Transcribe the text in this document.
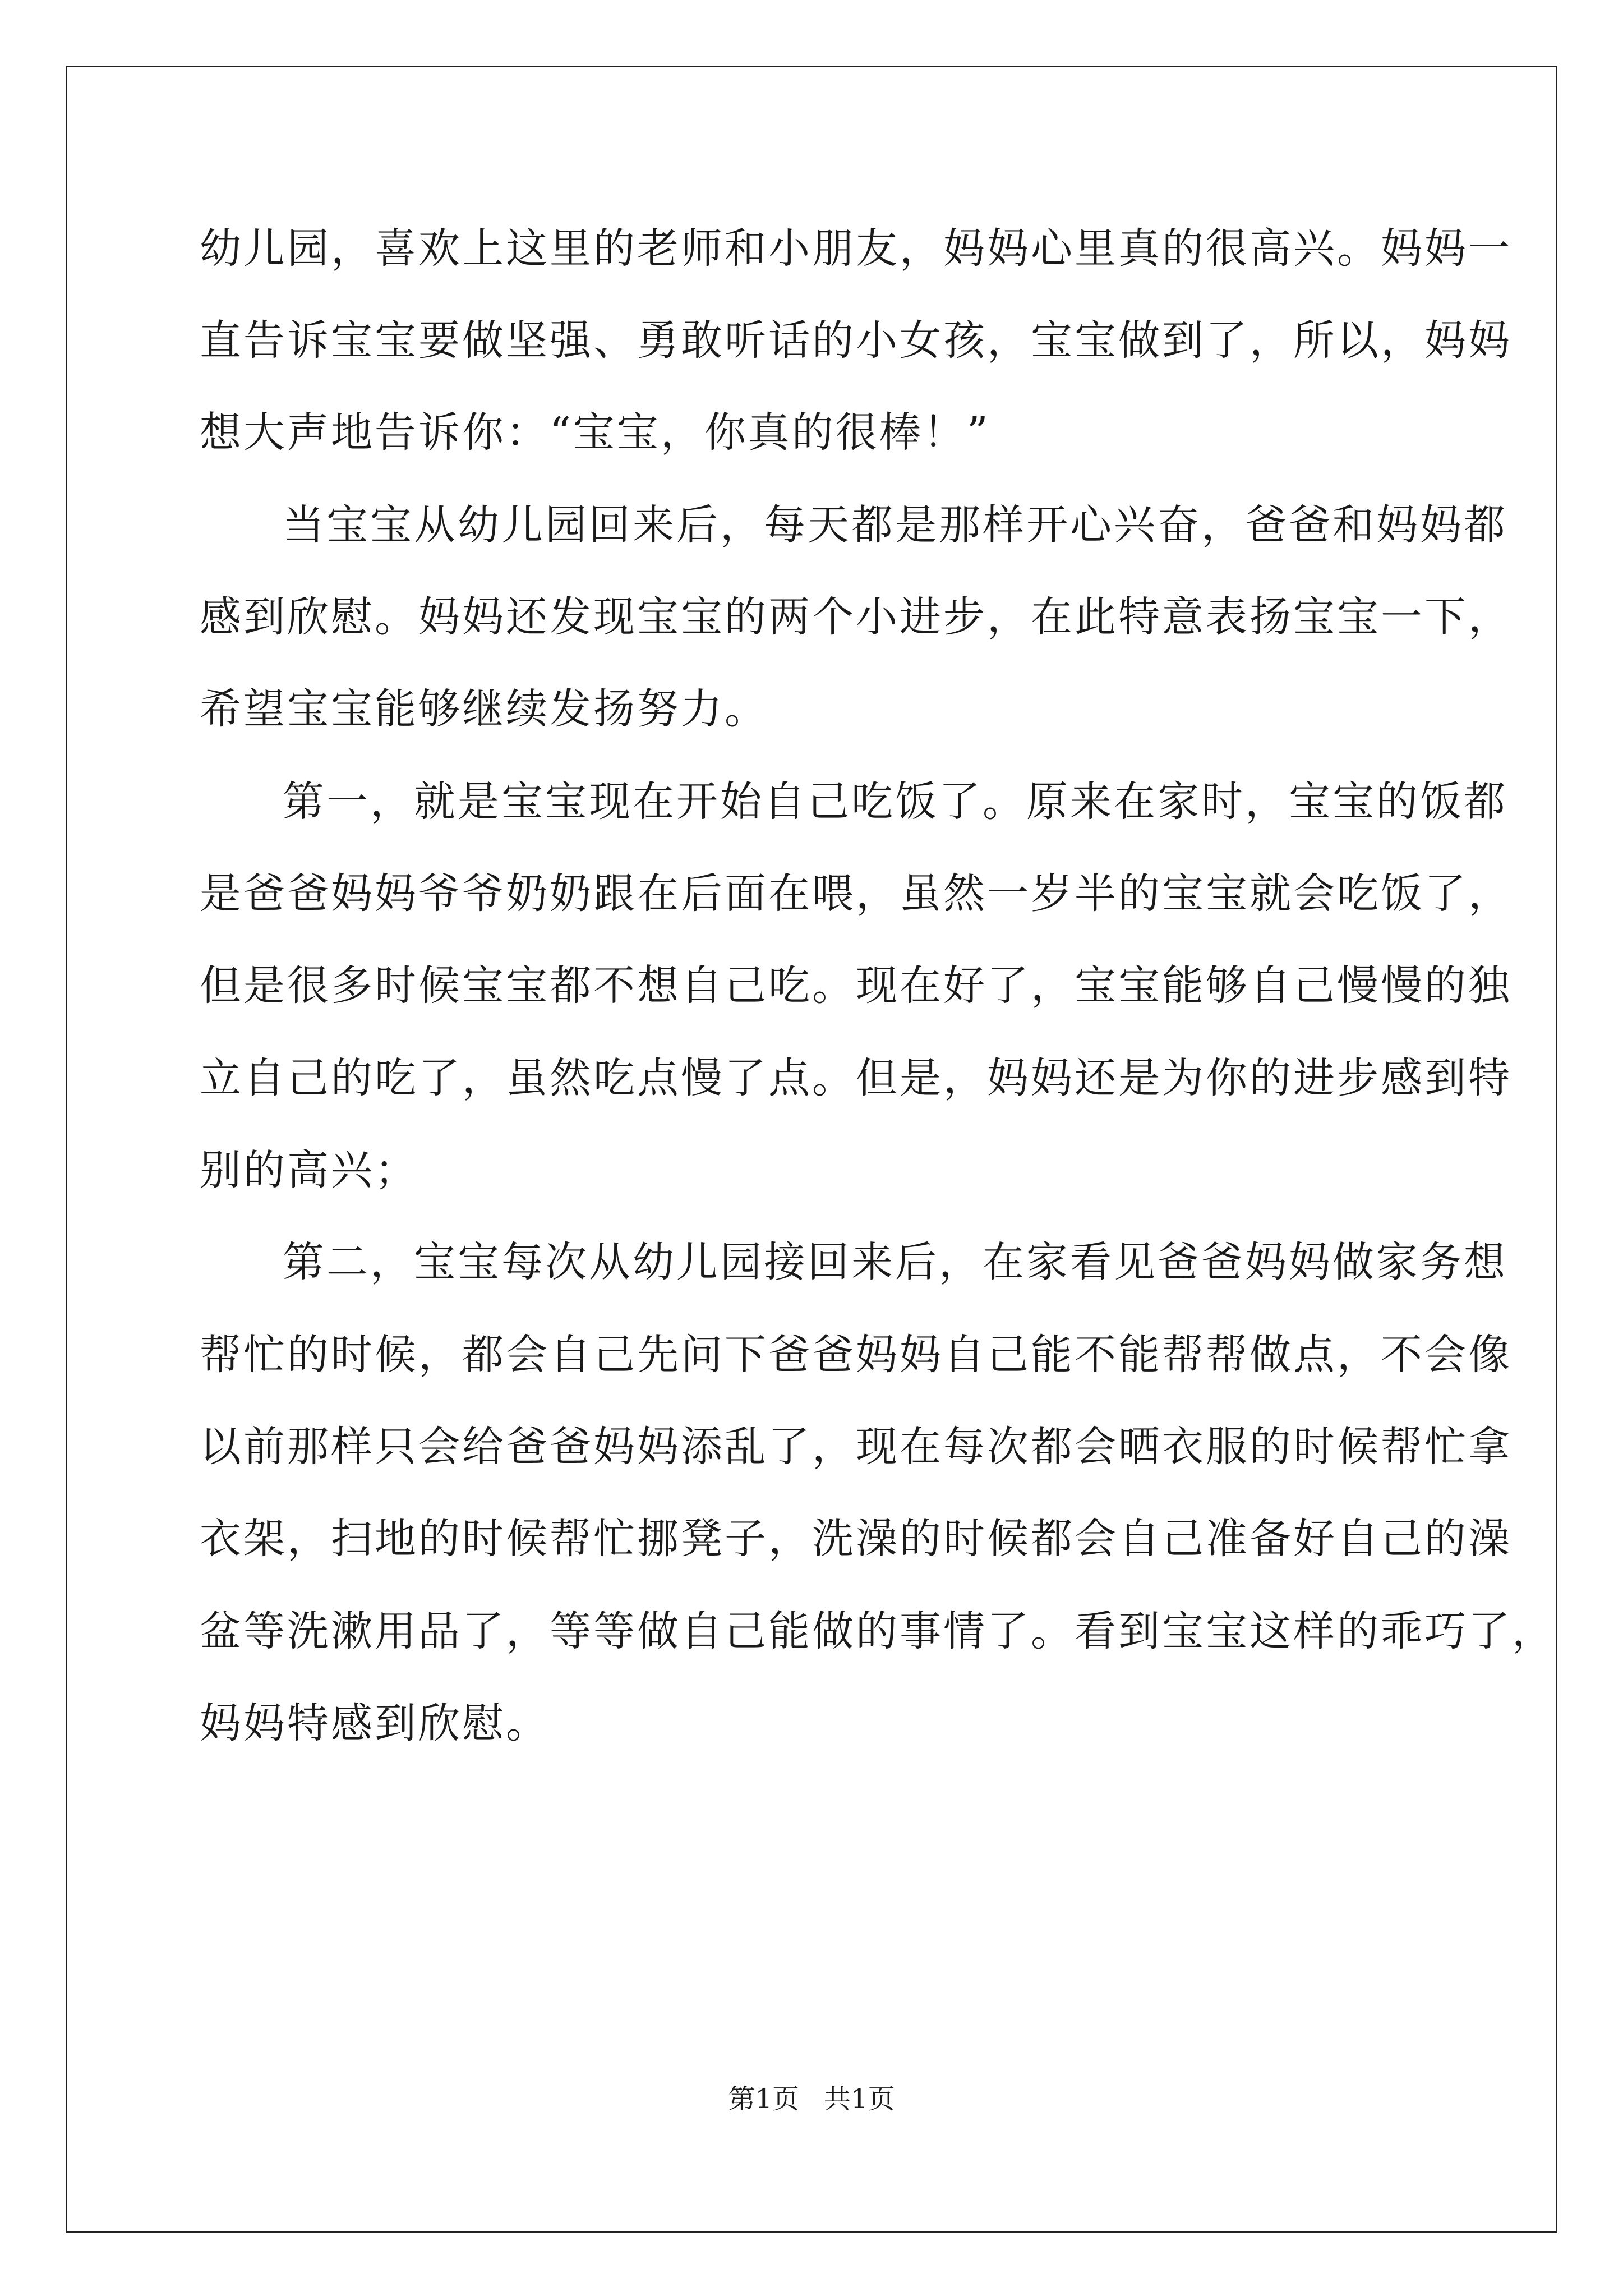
幼儿园，喜欢上这里的老师和小朋友，妈妈心里真的很高兴。妈妈一
直告诉宝宝要做坚强、勇敢听话的小女孩，宝宝做到了，所以，妈妈
想大声地告诉你：“宝宝，你真的很棒！”
当宝宝从幼儿园回来后，每天都是那样开心兴奋，爸爸和妈妈都
感到欣慰。妈妈还发现宝宝的两个小进步，在此特意表扬宝宝一下，
希望宝宝能够继续发扬努力。
第一，就是宝宝现在开始自己吃饭了。原来在家时，宝宝的饭都
是爸爸妈妈爷爷奶奶跟在后面在喂，虽然一岁半的宝宝就会吃饭了，
但是很多时候宝宝都不想自己吃。现在好了，宝宝能够自己慢慢的独
立自己的吃了，虽然吃点慢了点。但是，妈妈还是为你的进步感到特
别的高兴；
第二，宝宝每次从幼儿园接回来后，在家看见爸爸妈妈做家务想
帮忙的时候，都会自己先问下爸爸妈妈自己能不能帮帮做点，不会像
以前那样只会给爸爸妈妈添乱了，现在每次都会晒衣服的时候帮忙拿
衣架，扫地的时候帮忙挪凳子，洗澡的时候都会自己准备好自己的澡
盆等洗漱用品了，等等做自己能做的事情了。看到宝宝这样的乖巧了，
妈妈特感到欣慰。
第1页 共1页
